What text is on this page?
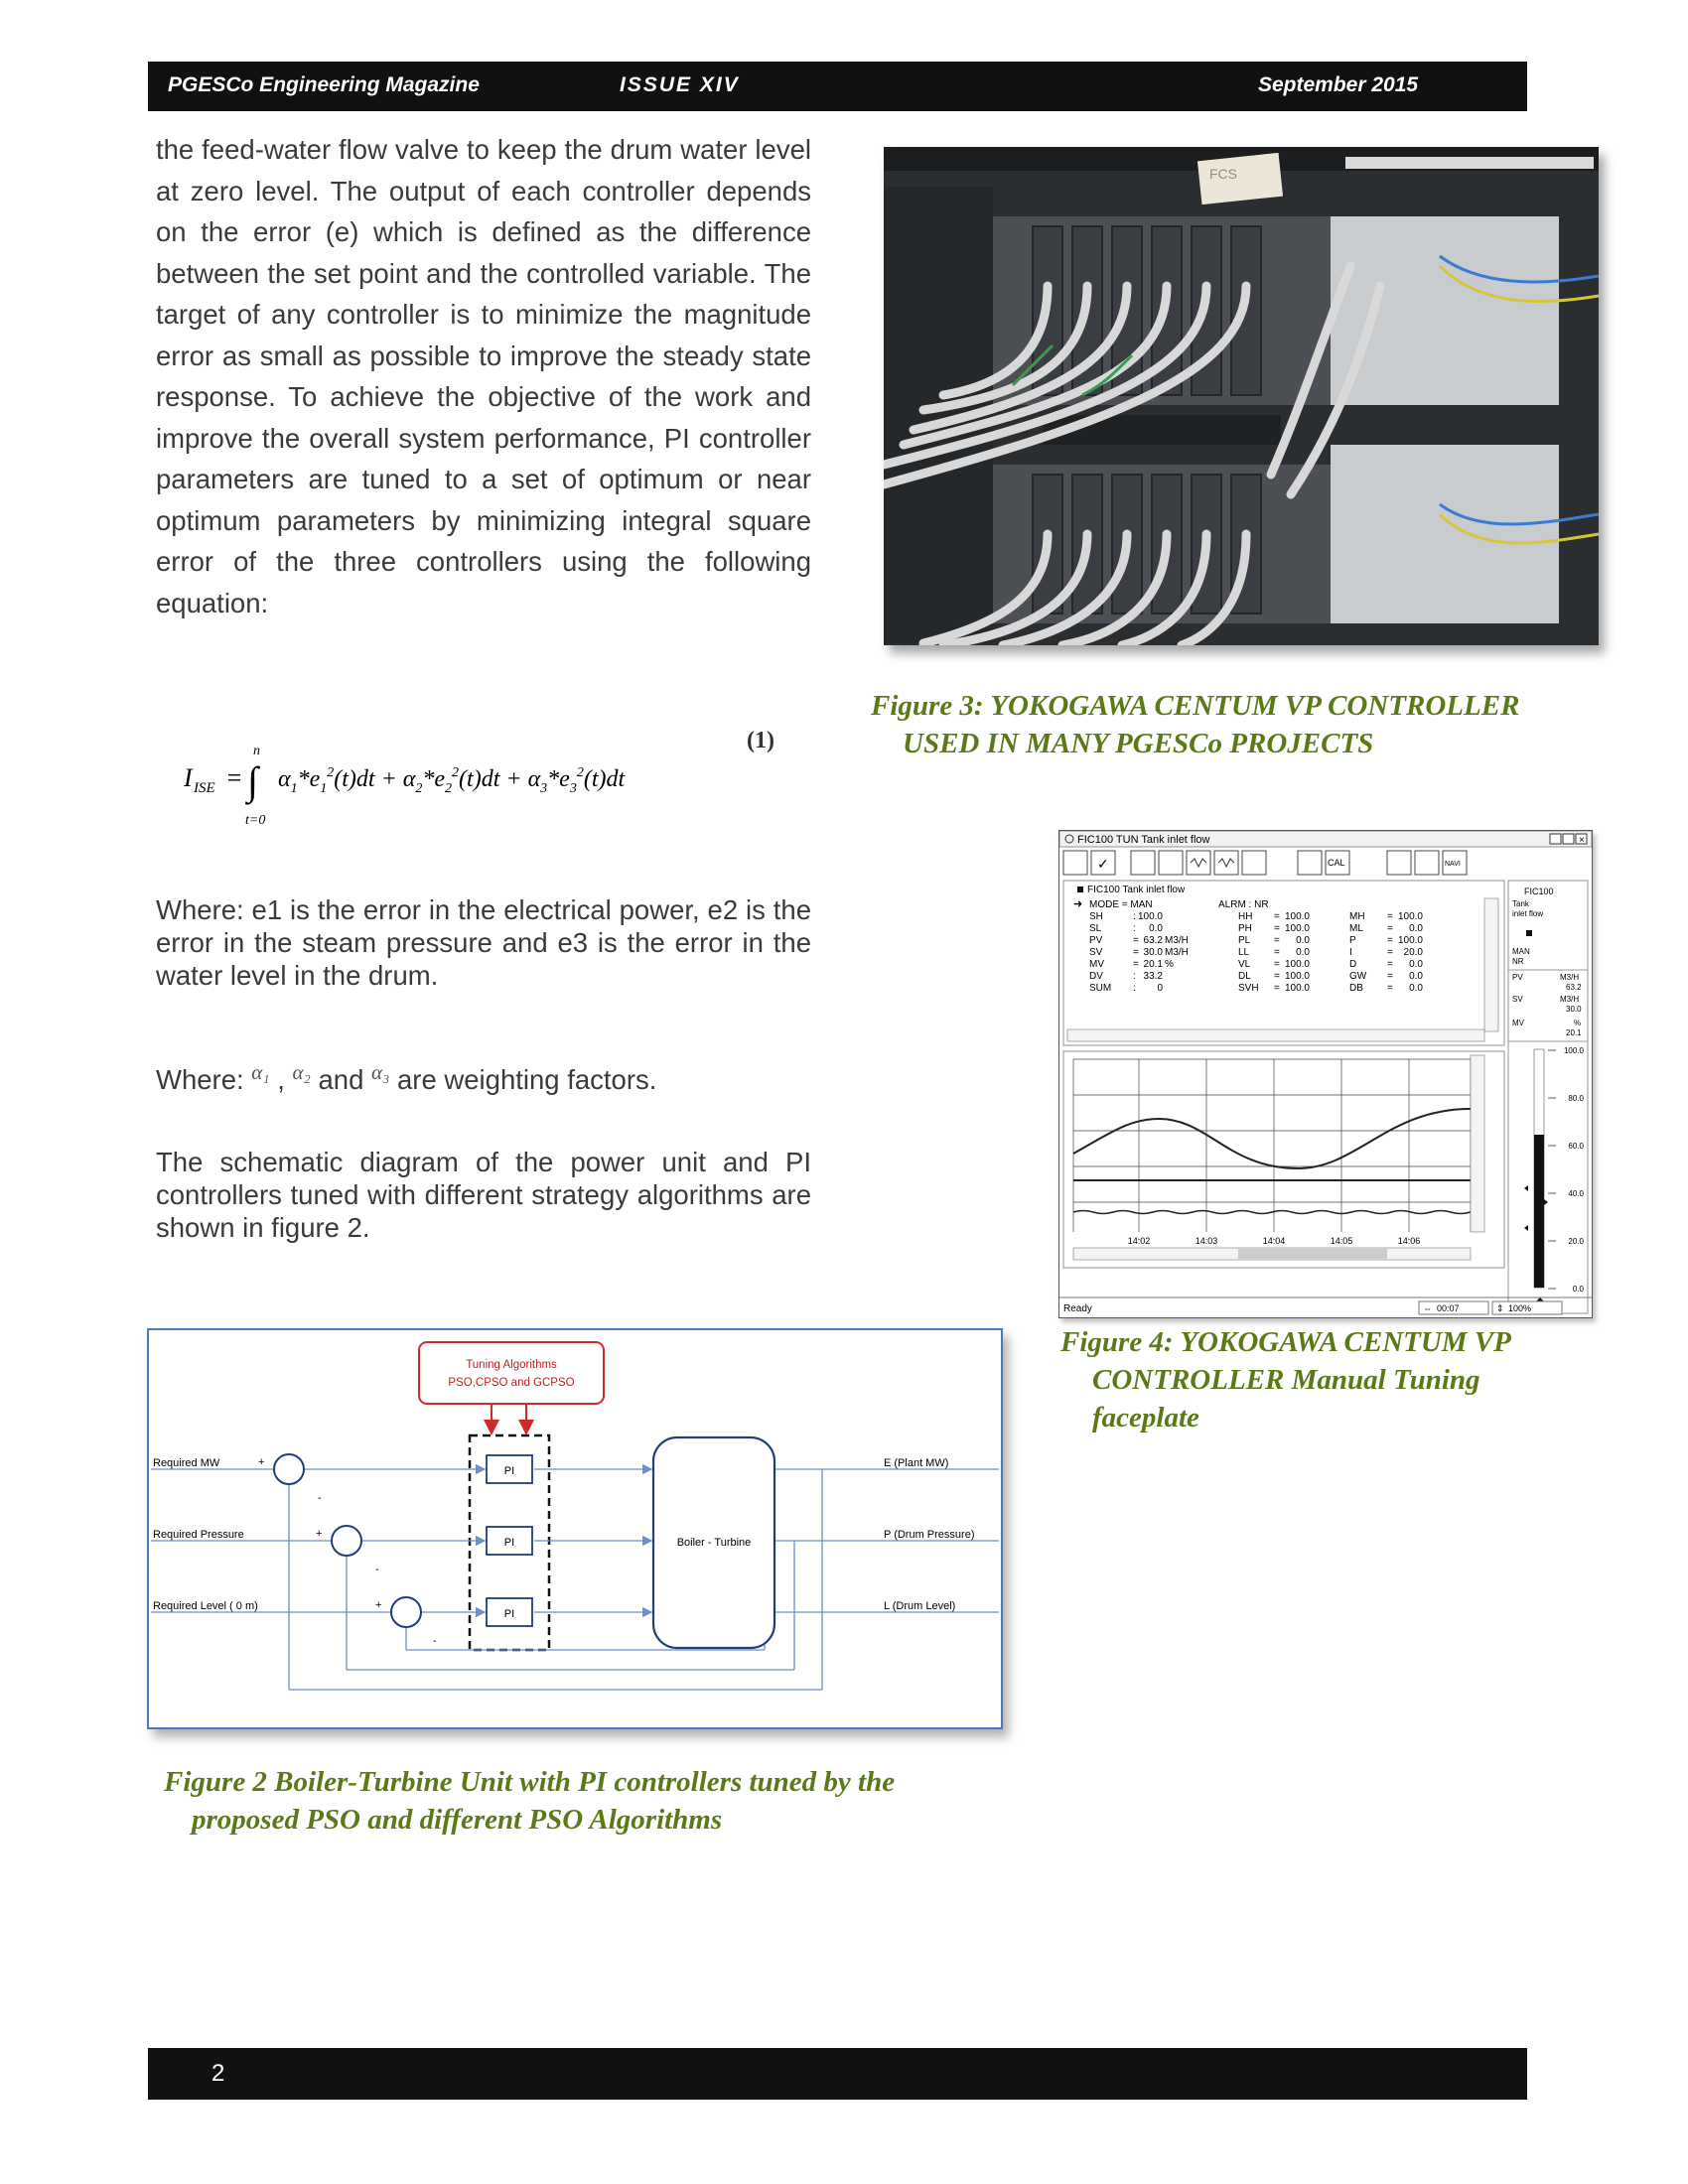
PGESCo Engineering Magazine	ISSUE XIV	September 2015
the feed-water flow valve to keep the drum water level at zero level. The output of each controller depends on the error (e) which is defined as the difference between the set point and the controlled variable. The target of any controller is to minimize the magnitude error as small as possible to improve the steady state response. To achieve the objective of the work and improve the overall system performance, PI controller parameters are tuned to a set of optimum or near optimum parameters by minimizing integral square error of the three controllers using the following equation:
I ISE =
n
∫
t=0
$\alpha_1*e_1^2(t)dt + \alpha_2*e_2^2(t)dt + \alpha_3*e_3^2(t)dt$
(1)
Where: e1 is the error in the electrical power, e2 is the error in the steam pressure and e3 is the error in the water level in the drum.
Where: $^{\alpha_1}$ , $^{\alpha_2}$ and $^{\alpha_3}$ are weighting factors.
The schematic diagram of the power unit and PI controllers tuned with different strategy algorithms are shown in figure 2.
FCS
Figure 3: YOKOGAWA CENTUM VP CONTROLLER
USED IN MANY PGESCo PROJECTS
FIC100 TUN Tank inlet flow	×
✓	CAL	NAVI
FIC100 Tank inlet flow
➜ MODE = MAN	ALRM : NR
SH	: 100.0	HH = 100.0	MH = 100.0
SL	: 0.0	PH = 100.0	ML = 0.0
PV	= 63.2 M3/H	PL = 0.0	P	= 100.0
SV	= 30.0 M3/H	LL = 0.0	I	= 20.0
MV	= 20.1 %	VL = 100.0	D	= 0.0
DV	: 33.2	DL = 100.0	GW = 0.0
SUM : 0	SVH = 100.0	DB = 0.0
FIC100
Tank
inlet flow
MAN
NR
PV	M3/H
63.2
SV	M3/H
30.0
MV	%
20.1
100.0
80.0
60.0
40.0
20.0
0.0
14:02	14:03	14:04	14:05	14:06
Ready	⇔ 00:07	⇕ 100%
Figure 4: YOKOGAWA CENTUM VP
CONTROLLER Manual Tuning
faceplate
Tuning Algorithms
PSO,CPSO and GCPSO
PI
PI
PI
Boiler - Turbine
Required MW
Required Pressure
Required Level ( 0 m)
E (Plant MW)
P (Drum Pressure)
L (Drum Level)
+
+
+
-
-
-
Figure 2 Boiler-Turbine Unit with PI controllers tuned by the
proposed PSO and different PSO Algorithms
2
